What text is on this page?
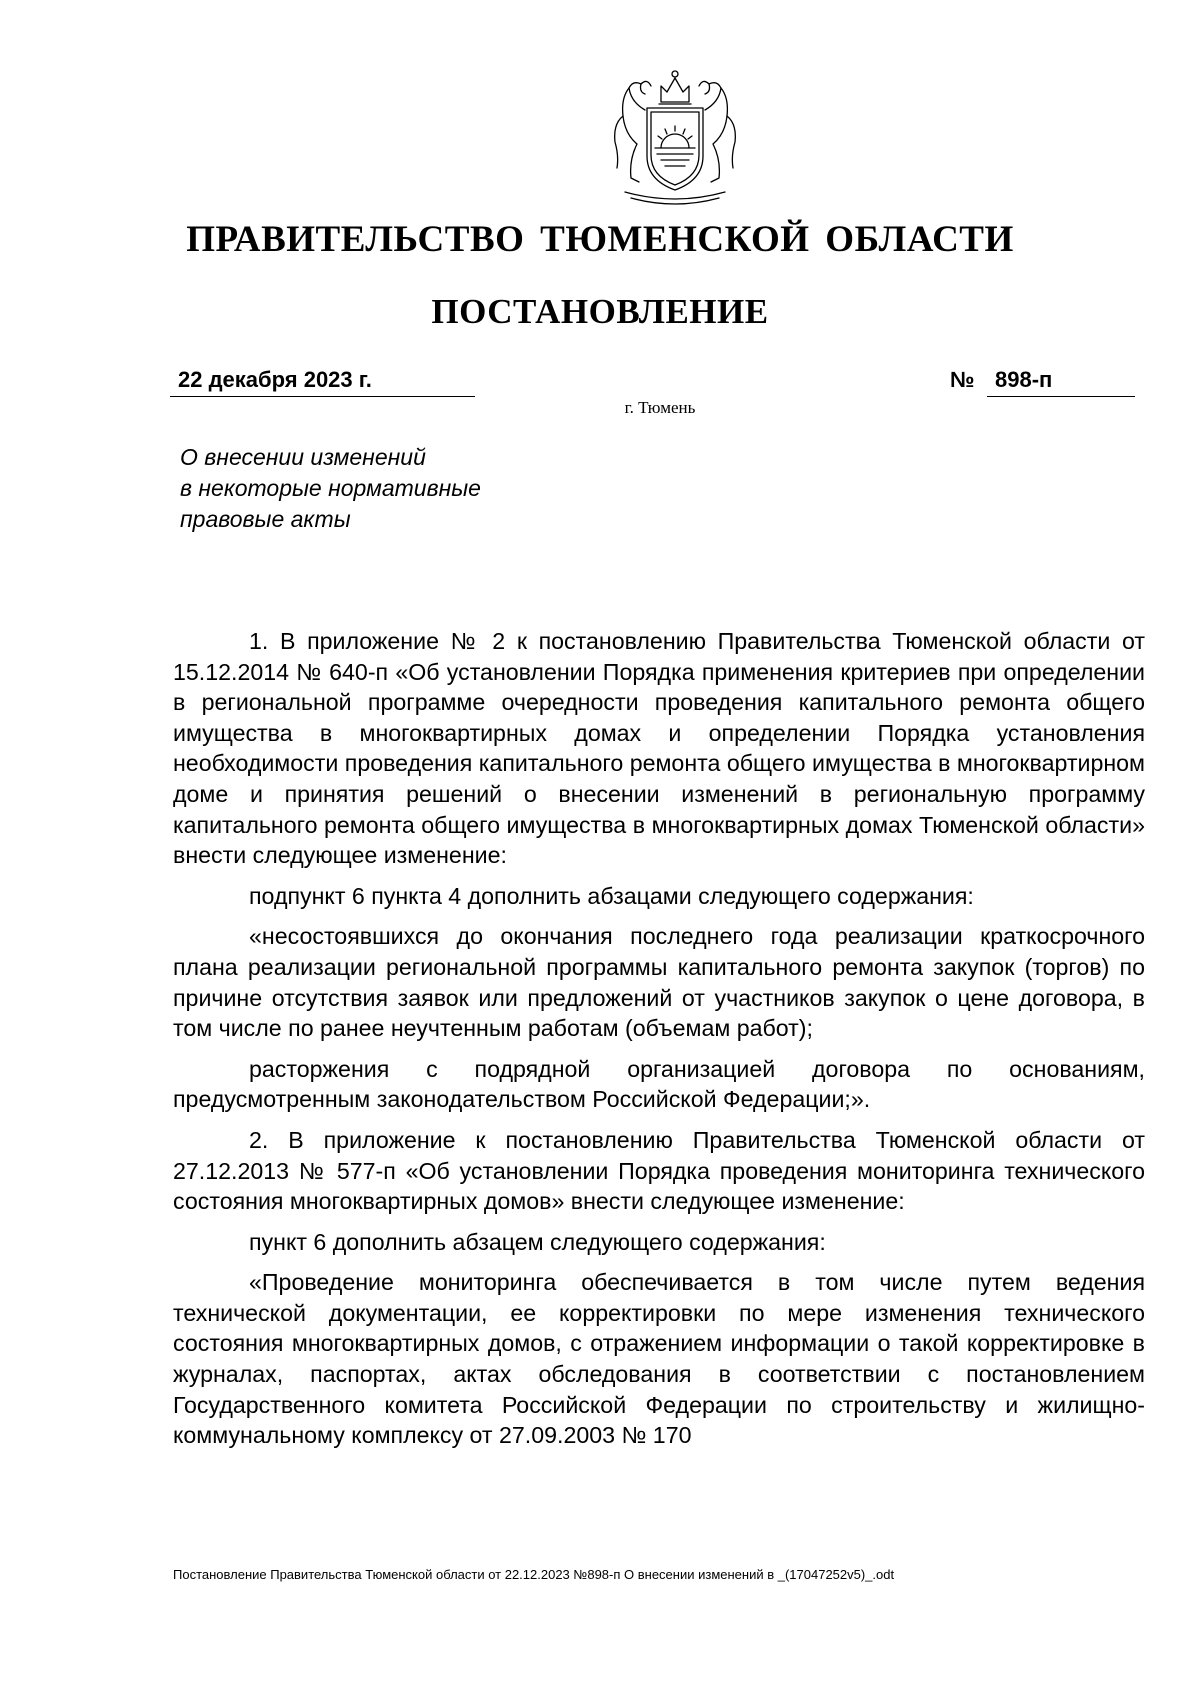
ПРАВИТЕЛЬСТВО ТЮМЕНСКОЙ ОБЛАСТИ
ПОСТАНОВЛЕНИЕ
22 декабря 2023 г.	№ 898-п
г. Тюмень
О внесении изменений
в некоторые нормативные
правовые акты

1. В приложение № 2 к постановлению Правительства Тюменской области от 15.12.2014 № 640-п «Об установлении Порядка применения критериев при определении в региональной программе очередности проведения капитального ремонта общего имущества в многоквартирных домах и определении Порядка установления необходимости проведения капитального ремонта общего имущества в многоквартирном доме и принятия решений о внесении изменений в региональную программу капитального ремонта общего имущества в многоквартирных домах Тюменской области» внести следующее изменение:

подпункт 6 пункта 4 дополнить абзацами следующего содержания:

«несостоявшихся до окончания последнего года реализации краткосрочного плана реализации региональной программы капитального ремонта закупок (торгов) по причине отсутствия заявок или предложений от участников закупок о цене договора, в том числе по ранее неучтенным работам (объемам работ);

расторжения с подрядной организацией договора по основаниям, предусмотренным законодательством Российской Федерации;».

2. В приложение к постановлению Правительства Тюменской области от 27.12.2013 № 577-п «Об установлении Порядка проведения мониторинга технического состояния многоквартирных домов» внести следующее изменение:

пункт 6 дополнить абзацем следующего содержания:

«Проведение мониторинга обеспечивается в том числе путем ведения технической документации, ее корректировки по мере изменения технического состояния многоквартирных домов, с отражением информации о такой корректировке в журналах, паспортах, актах обследования в соответствии с постановлением Государственного комитета Российской Федерации по строительству и жилищно-коммунальному комплексу от 27.09.2003 № 170

Постановление Правительства Тюменской области от 22.12.2023 №898-п О внесении изменений в _(17047252v5)_.odt
